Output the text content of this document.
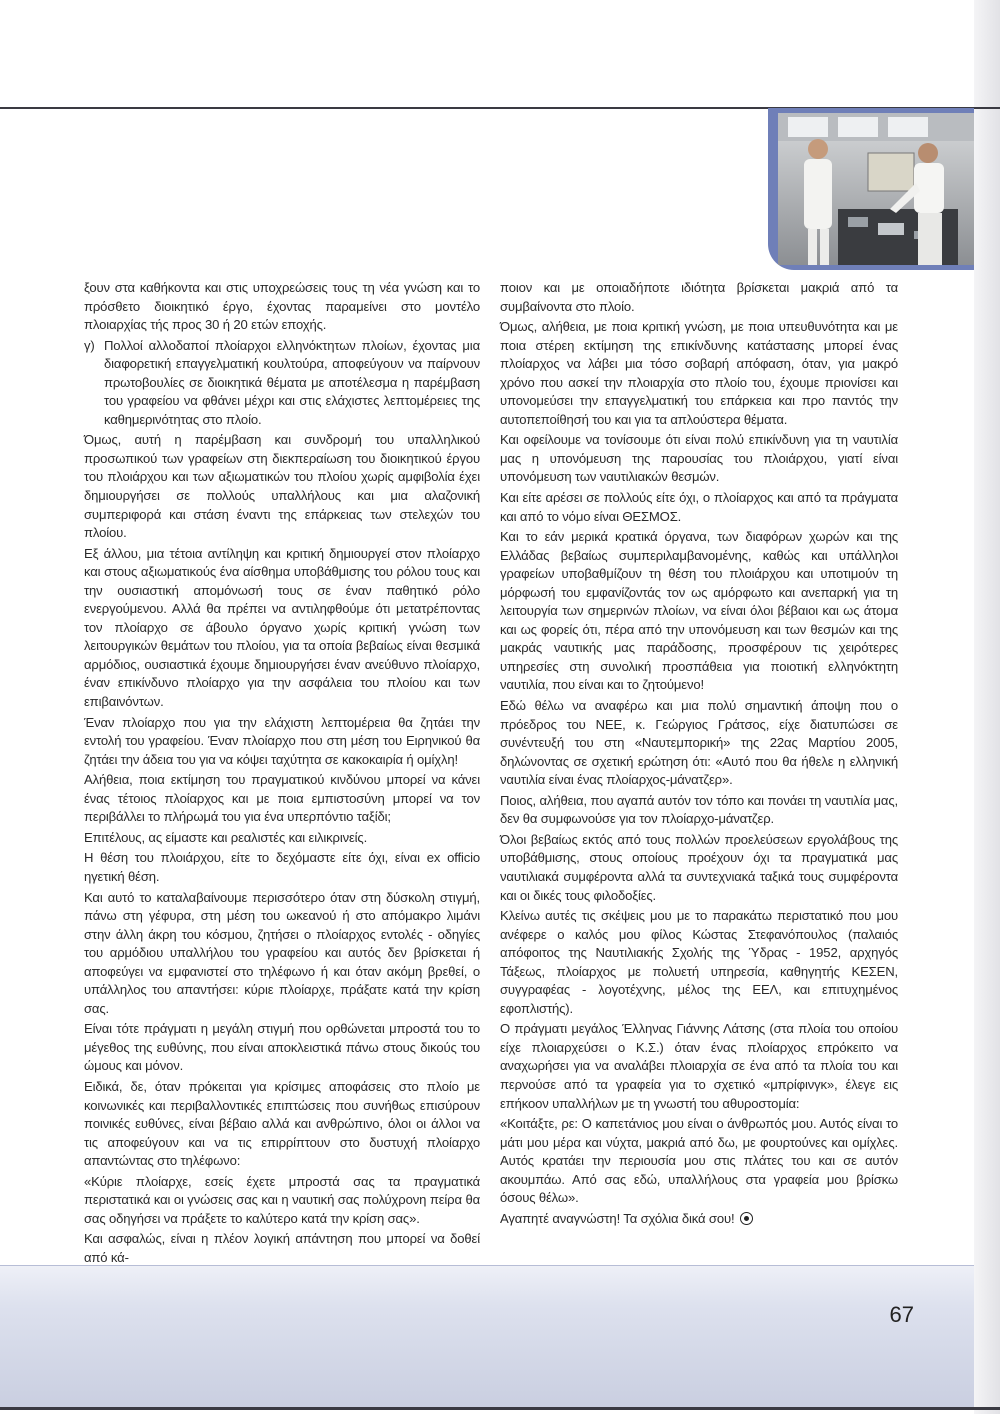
ξουν στα καθήκοντα και στις υποχρεώσεις τους τη νέα γνώση και το πρόσθετο διοικητικό έργο, έχοντας παραμείνει στο μοντέλο πλοιαρχίας τής προς 30 ή 20 ετών εποχής.

γ) Πολλοί αλλοδαποί πλοίαρχοι ελληνόκτητων πλοίων, έχοντας μια διαφορετική επαγγελματική κουλτούρα, αποφεύγουν να παίρνουν πρωτοβουλίες σε διοικητικά θέματα με αποτέλεσμα η παρέμβαση του γραφείου να φθάνει μέχρι και στις ελάχιστες λεπτομέρειες της καθημερινότητας στο πλοίο.

Όμως, αυτή η παρέμβαση και συνδρομή του υπαλληλικού προσωπικού των γραφείων στη διεκπεραίωση του διοικητικού έργου του πλοιάρχου και των αξιωματικών του πλοίου χωρίς αμφιβολία έχει δημιουργήσει σε πολλούς υπαλλήλους και μια αλαζονική συμπεριφορά και στάση έναντι της επάρκειας των στελεχών του πλοίου.

Εξ άλλου, μια τέτοια αντίληψη και κριτική δημιουργεί στον πλοίαρχο και στους αξιωματικούς ένα αίσθημα υποβάθμισης του ρόλου τους και την ουσιαστική απομόνωσή τους σε έναν παθητικό ρόλο ενεργούμενου. Αλλά θα πρέπει να αντιληφθούμε ότι μετατρέποντας τον πλοίαρχο σε άβουλο όργανο χωρίς κριτική γνώση των λειτουργικών θεμάτων του πλοίου, για τα οποία βεβαίως είναι θεσμικά αρμόδιος, ουσιαστικά έχουμε δημιουργήσει έναν ανεύθυνο πλοίαρχο, έναν επικίνδυνο πλοίαρχο για την ασφάλεια του πλοίου και των επιβαινόντων.

Έναν πλοίαρχο που για την ελάχιστη λεπτομέρεια θα ζητάει την εντολή του γραφείου. Έναν πλοίαρχο που στη μέση του Ειρηνικού θα ζητάει την άδεια του για να κόψει ταχύτητα σε κακοκαιρία ή ομίχλη!

Αλήθεια, ποια εκτίμηση του πραγματικού κινδύνου μπορεί να κάνει ένας τέτοιος πλοίαρχος και με ποια εμπιστοσύνη μπορεί να τον περιβάλλει το πλήρωμά του για ένα υπερπόντιο ταξίδι;

Επιτέλους, ας είμαστε και ρεαλιστές και ειλικρινείς.

Η θέση του πλοιάρχου, είτε το δεχόμαστε είτε όχι, είναι ex officio ηγετική θέση.

Και αυτό το καταλαβαίνουμε περισσότερο όταν στη δύσκολη στιγμή, πάνω στη γέφυρα, στη μέση του ωκεανού ή στο απόμακρο λιμάνι στην άλλη άκρη του κόσμου, ζητήσει ο πλοίαρχος εντολές - οδηγίες του αρμόδιου υπαλλήλου του γραφείου και αυτός δεν βρίσκεται ή αποφεύγει να εμφανιστεί στο τηλέφωνο ή και όταν ακόμη βρεθεί, ο υπάλληλος του απαντήσει: κύριε πλοίαρχε, πράξατε κατά την κρίση σας.

Είναι τότε πράγματι η μεγάλη στιγμή που ορθώνεται μπροστά του το μέγεθος της ευθύνης, που είναι αποκλειστικά πάνω στους δικούς του ώμους και μόνον.

Ειδικά, δε, όταν πρόκειται για κρίσιμες αποφάσεις στο πλοίο με κοινωνικές και περιβαλλοντικές επιπτώσεις που συνήθως επισύρουν ποινικές ευθύνες, είναι βέβαιο αλλά και ανθρώπινο, όλοι οι άλλοι να τις αποφεύγουν και να τις επιρρίπτουν στο δυστυχή πλοίαρχο απαντώντας στο τηλέφωνο:

«Κύριε πλοίαρχε, εσείς έχετε μπροστά σας τα πραγματικά περιστατικά και οι γνώσεις σας και η ναυτική σας πολύχρονη πείρα θα σας οδηγήσει να πράξετε το καλύτερο κατά την κρίση σας».

Και ασφαλώς, είναι η πλέον λογική απάντηση που μπορεί να δοθεί από κά-

ποιον και με οποιαδήποτε ιδιότητα βρίσκεται μακριά από τα συμβαίνοντα στο πλοίο.

Όμως, αλήθεια, με ποια κριτική γνώση, με ποια υπευθυνότητα και με ποια στέρεη εκτίμηση της επικίνδυνης κατάστασης μπορεί ένας πλοίαρχος να λάβει μια τόσο σοβαρή απόφαση, όταν, για μακρό χρόνο που ασκεί την πλοιαρχία στο πλοίο του, έχουμε πριονίσει και υπονομεύσει την επαγγελματική του επάρκεια και προ παντός την αυτοπεποίθησή του και για τα απλούστερα θέματα.

Και οφείλουμε να τονίσουμε ότι είναι πολύ επικίνδυνη για τη ναυτιλία μας η υπονόμευση της παρουσίας του πλοιάρχου, γιατί είναι υπονόμευση των ναυτιλιακών θεσμών.

Και είτε αρέσει σε πολλούς είτε όχι, ο πλοίαρχος και από τα πράγματα και από το νόμο είναι ΘΕΣΜΟΣ.

Και το εάν μερικά κρατικά όργανα, των διαφόρων χωρών και της Ελλάδας βεβαίως συμπεριλαμβανομένης, καθώς και υπάλληλοι γραφείων υποβαθμίζουν τη θέση του πλοιάρχου και υποτιμούν τη μόρφωσή του εμφανίζοντάς τον ως αμόρφωτο και ανεπαρκή για τη λειτουργία των σημερινών πλοίων, να είναι όλοι βέβαιοι και ως άτομα και ως φορείς ότι, πέρα από την υπονόμευση και των θεσμών και της μακράς ναυτικής μας παράδοσης, προσφέρουν τις χειρότερες υπηρεσίες στη συνολική προσπάθεια για ποιοτική ελληνόκτητη ναυτιλία, που είναι και το ζητούμενο!

Εδώ θέλω να αναφέρω και μια πολύ σημαντική άποψη που ο πρόεδρος του ΝΕΕ, κ. Γεώργιος Γράτσος, είχε διατυπώσει σε συνέντευξή του στη «Ναυτεμπορική» της 22ας Μαρτίου 2005, δηλώνοντας σε σχετική ερώτηση ότι: «Αυτό που θα ήθελε η ελληνική ναυτιλία είναι ένας πλοίαρχος-μάνατζερ».

Ποιος, αλήθεια, που αγαπά αυτόν τον τόπο και πονάει τη ναυτιλία μας, δεν θα συμφωνούσε για τον πλοίαρχο-μάνατζερ.

Όλοι βεβαίως εκτός από τους πολλών προελεύσεων εργολάβους της υποβάθμισης, στους οποίους προέχουν όχι τα πραγματικά μας ναυτιλιακά συμφέροντα αλλά τα συντεχνιακά ταξικά τους συμφέροντα και οι δικές τους φιλοδοξίες.

Κλείνω αυτές τις σκέψεις μου με το παρακάτω περιστατικό που μου ανέφερε ο καλός μου φίλος Κώστας Στεφανόπουλος (παλαιός απόφοιτος της Ναυτιλιακής Σχολής της Ύδρας - 1952, αρχηγός Τάξεως, πλοίαρχος με πολυετή υπηρεσία, καθηγητής ΚΕΣΕΝ, συγγραφέας - λογοτέχνης, μέλος της ΕΕΛ, και επιτυχημένος εφοπλιστής).

Ο πράγματι μεγάλος Έλληνας Γιάννης Λάτσης (στα πλοία του οποίου είχε πλοιαρχεύσει ο Κ.Σ.) όταν ένας πλοίαρχος επρόκειτο να αναχωρήσει για να αναλάβει πλοιαρχία σε ένα από τα πλοία του και περνούσε από τα γραφεία για το σχετικό «μπρίφινγκ», έλεγε εις επήκοον υπαλλήλων με τη γνωστή του αθυροστομία:

«Κοιτάξτε, ρε: Ο καπετάνιος μου είναι ο άνθρωπός μου. Αυτός είναι το μάτι μου μέρα και νύχτα, μακριά από δω, με φουρτούνες και ομίχλες. Αυτός κρατάει την περιουσία μου στις πλάτες του και σε αυτόν ακουμπάω. Από σας εδώ, υπαλλήλους στα γραφεία μου βρίσκω όσους θέλω».

Αγαπητέ αναγνώστη! Τα σχόλια δικά σου!

67
